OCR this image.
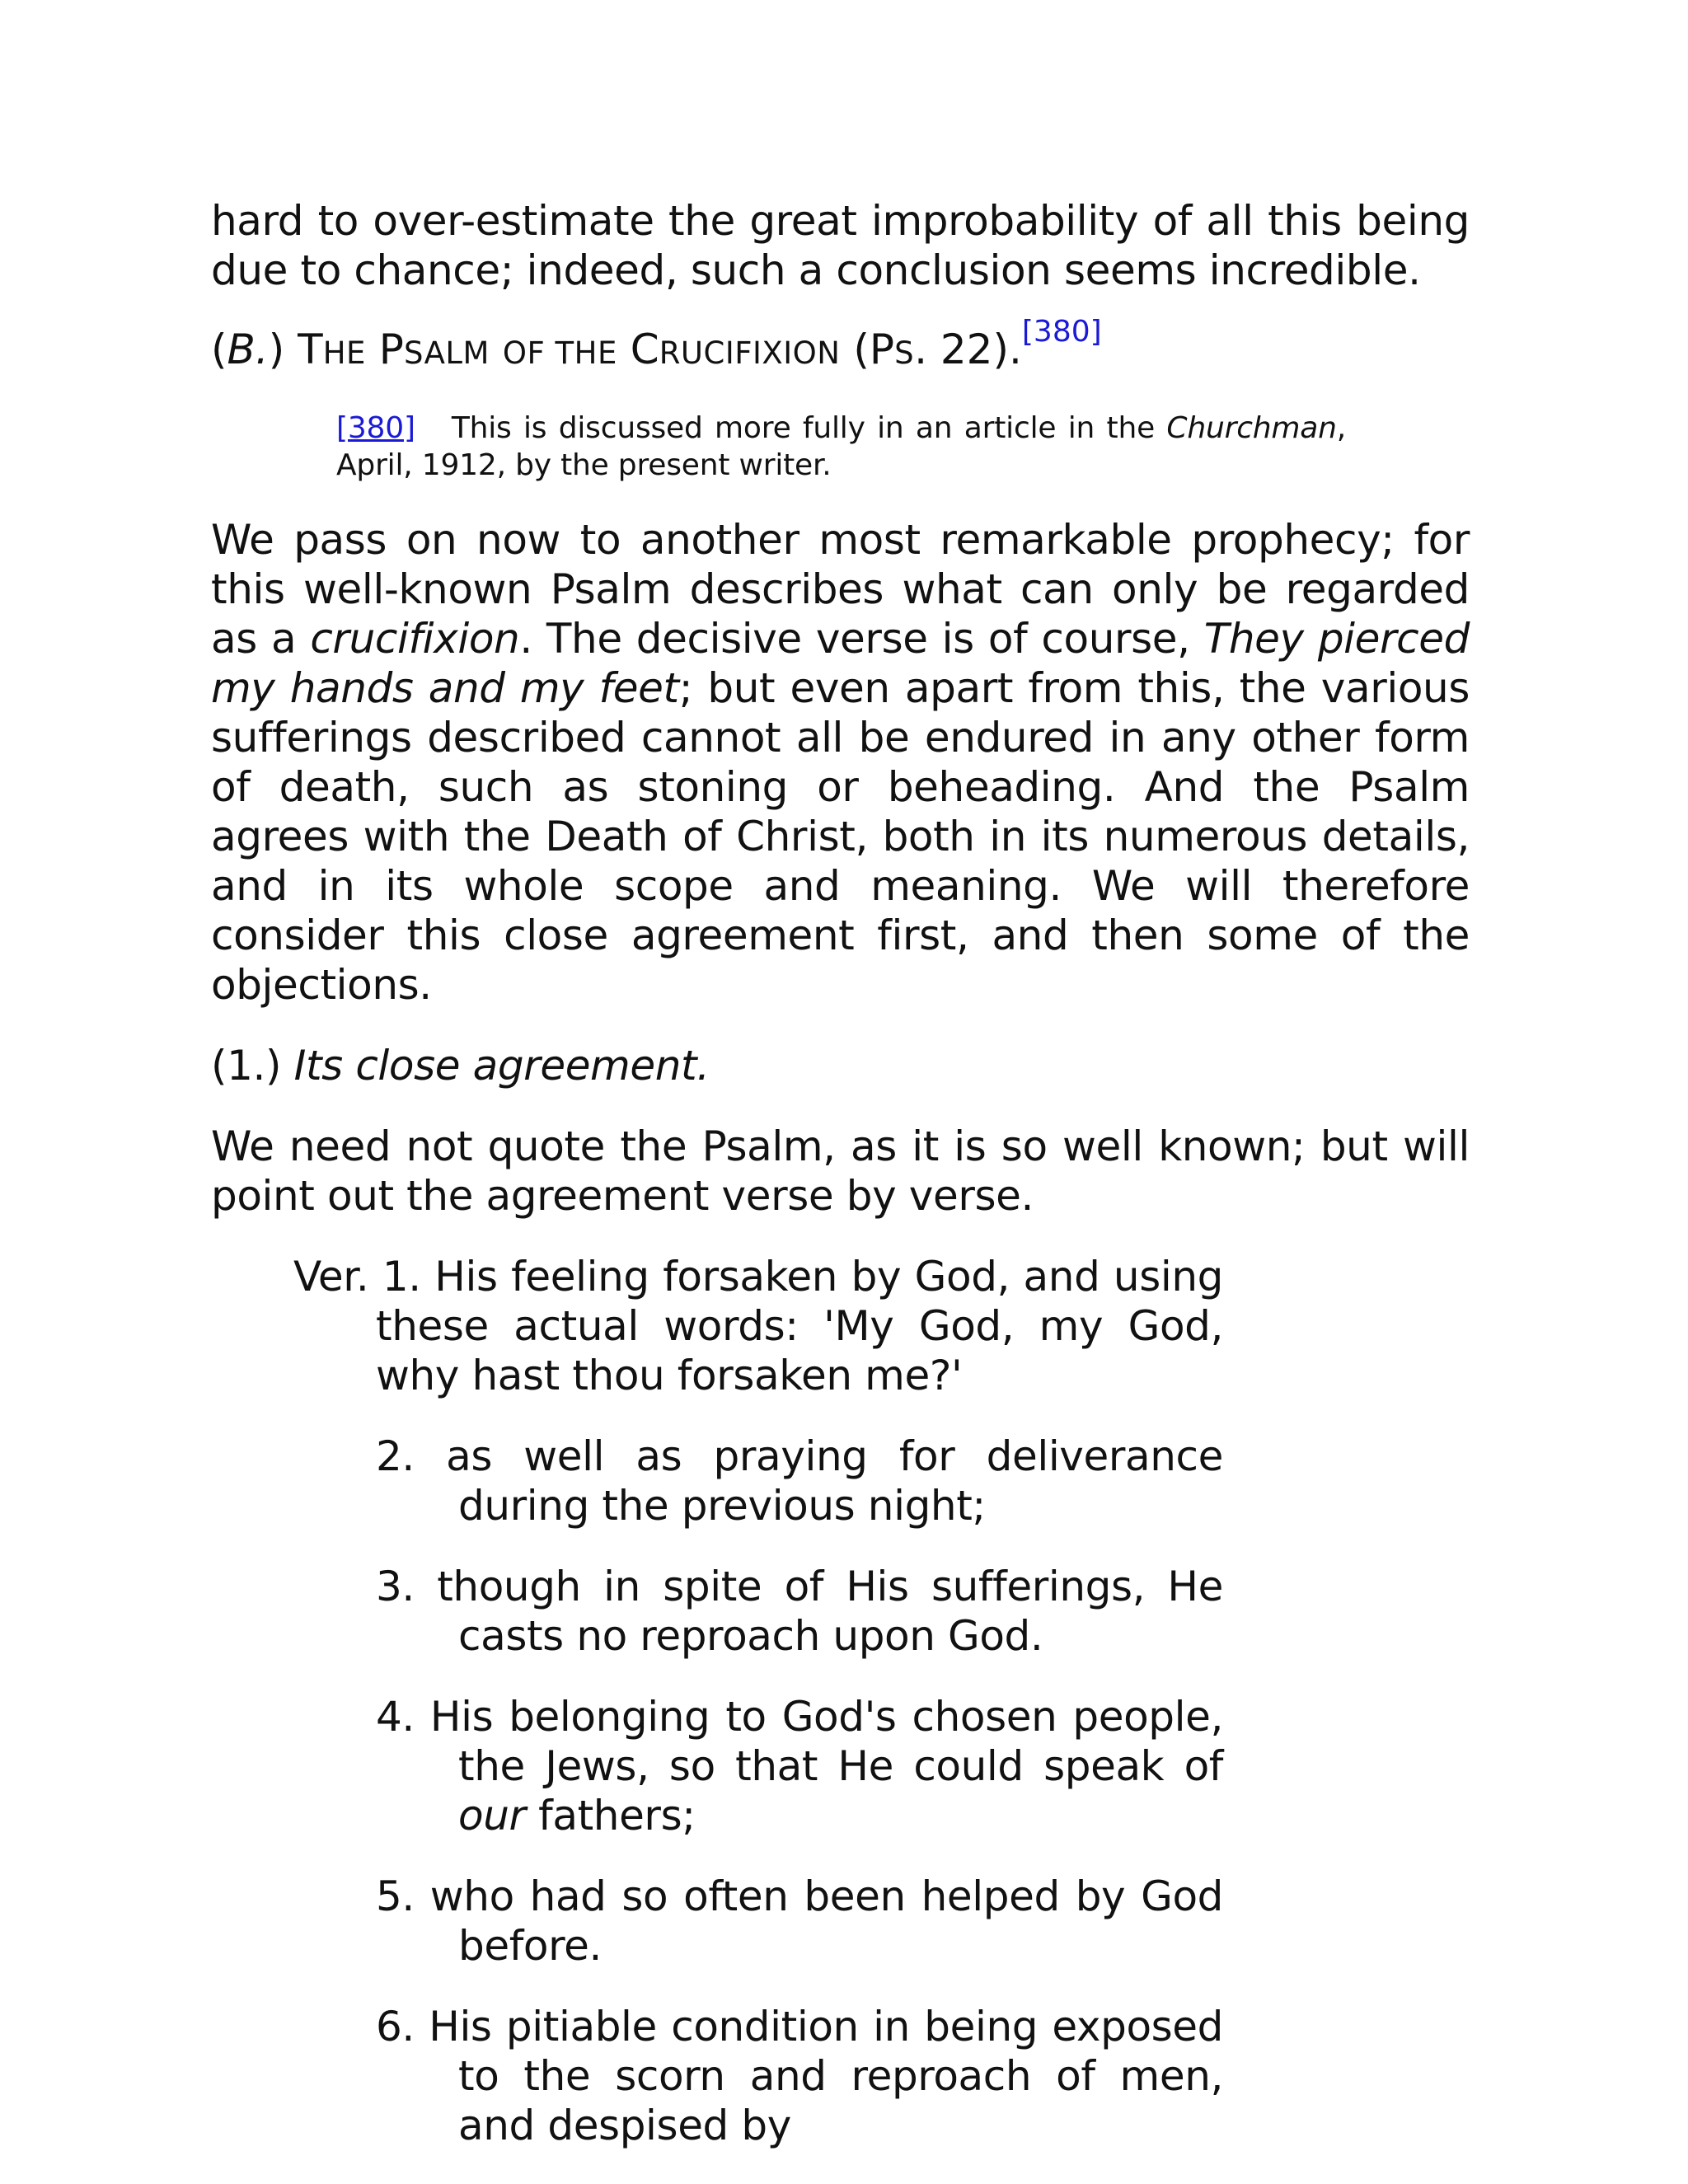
hard to over-estimate the great improbability of all this being due to chance; indeed, such a conclusion seems incredible.

(B.) THE PSALM OF THE CRUCIFIXION (PS. 22).[380]

[380] This is discussed more fully in an article in the Churchman, April, 1912, by the present writer.

We pass on now to another most remarkable prophecy; for this well-known Psalm describes what can only be regarded as a crucifixion. The decisive verse is of course, They pierced my hands and my feet; but even apart from this, the various sufferings described cannot all be endured in any other form of death, such as stoning or beheading. And the Psalm agrees with the Death of Christ, both in its numerous details, and in its whole scope and meaning. We will therefore consider this close agreement first, and then some of the objections.

(1.) Its close agreement.

We need not quote the Psalm, as it is so well known; but will point out the agreement verse by verse.

Ver. 1. His feeling forsaken by God, and using these actual words: 'My God, my God, why hast thou forsaken me?'

2. as well as praying for deliverance during the previous night;

3. though in spite of His sufferings, He casts no reproach upon God.

4. His belonging to God's chosen people, the Jews, so that He could speak of our fathers;

5. who had so often been helped by God before.

6. His pitiable condition in being exposed to the scorn and reproach of men, and despised by
